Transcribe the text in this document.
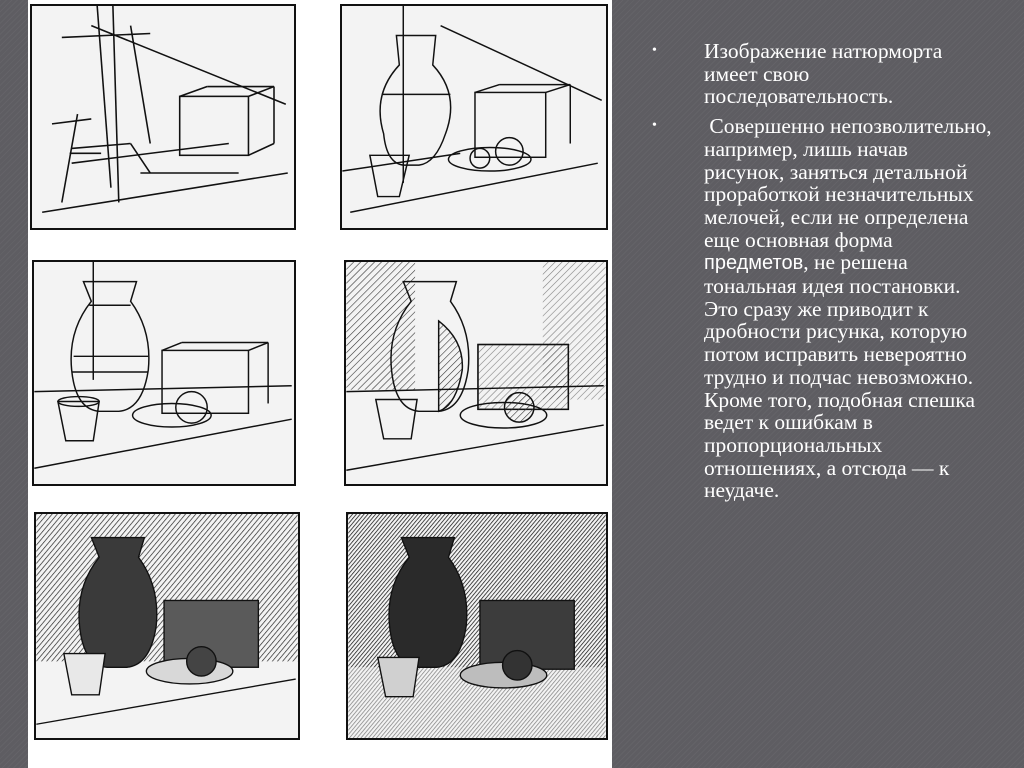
• Изображение натюрморта имеет свою последовательность.
• Совершенно непозволительно, например, лишь начав рисунок, заняться детальной проработкой незначительных мелочей, если не определена еще основная форма предметов, не решена тональная идея постановки. Это сразу же приводит к дробности рисунка, которую потом исправить невероятно трудно и подчас невозможно. Кроме того, подобная спешка ведет к ошибкам в пропорциональных отношениях, а отсюда — к неудаче.
